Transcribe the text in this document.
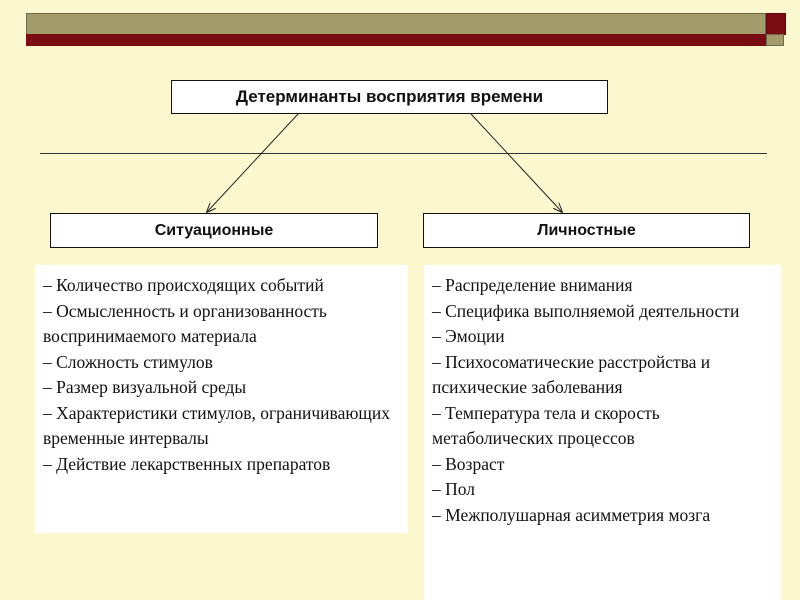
Детерминанты восприятия времени
Ситуационные	Личностные
– Количество происходящих событий
– Осмысленность и организованность воспринимаемого материала
– Сложность стимулов
– Размер визуальной среды
– Характеристики стимулов, ограничивающих временные интервалы
– Действие лекарственных препаратов
– Распределение внимания
– Специфика выполняемой деятельности
– Эмоции
– Психосоматические расстройства и психические заболевания
– Температура тела и скорость метаболических процессов
– Возраст
– Пол
– Межполушарная асимметрия мозга
